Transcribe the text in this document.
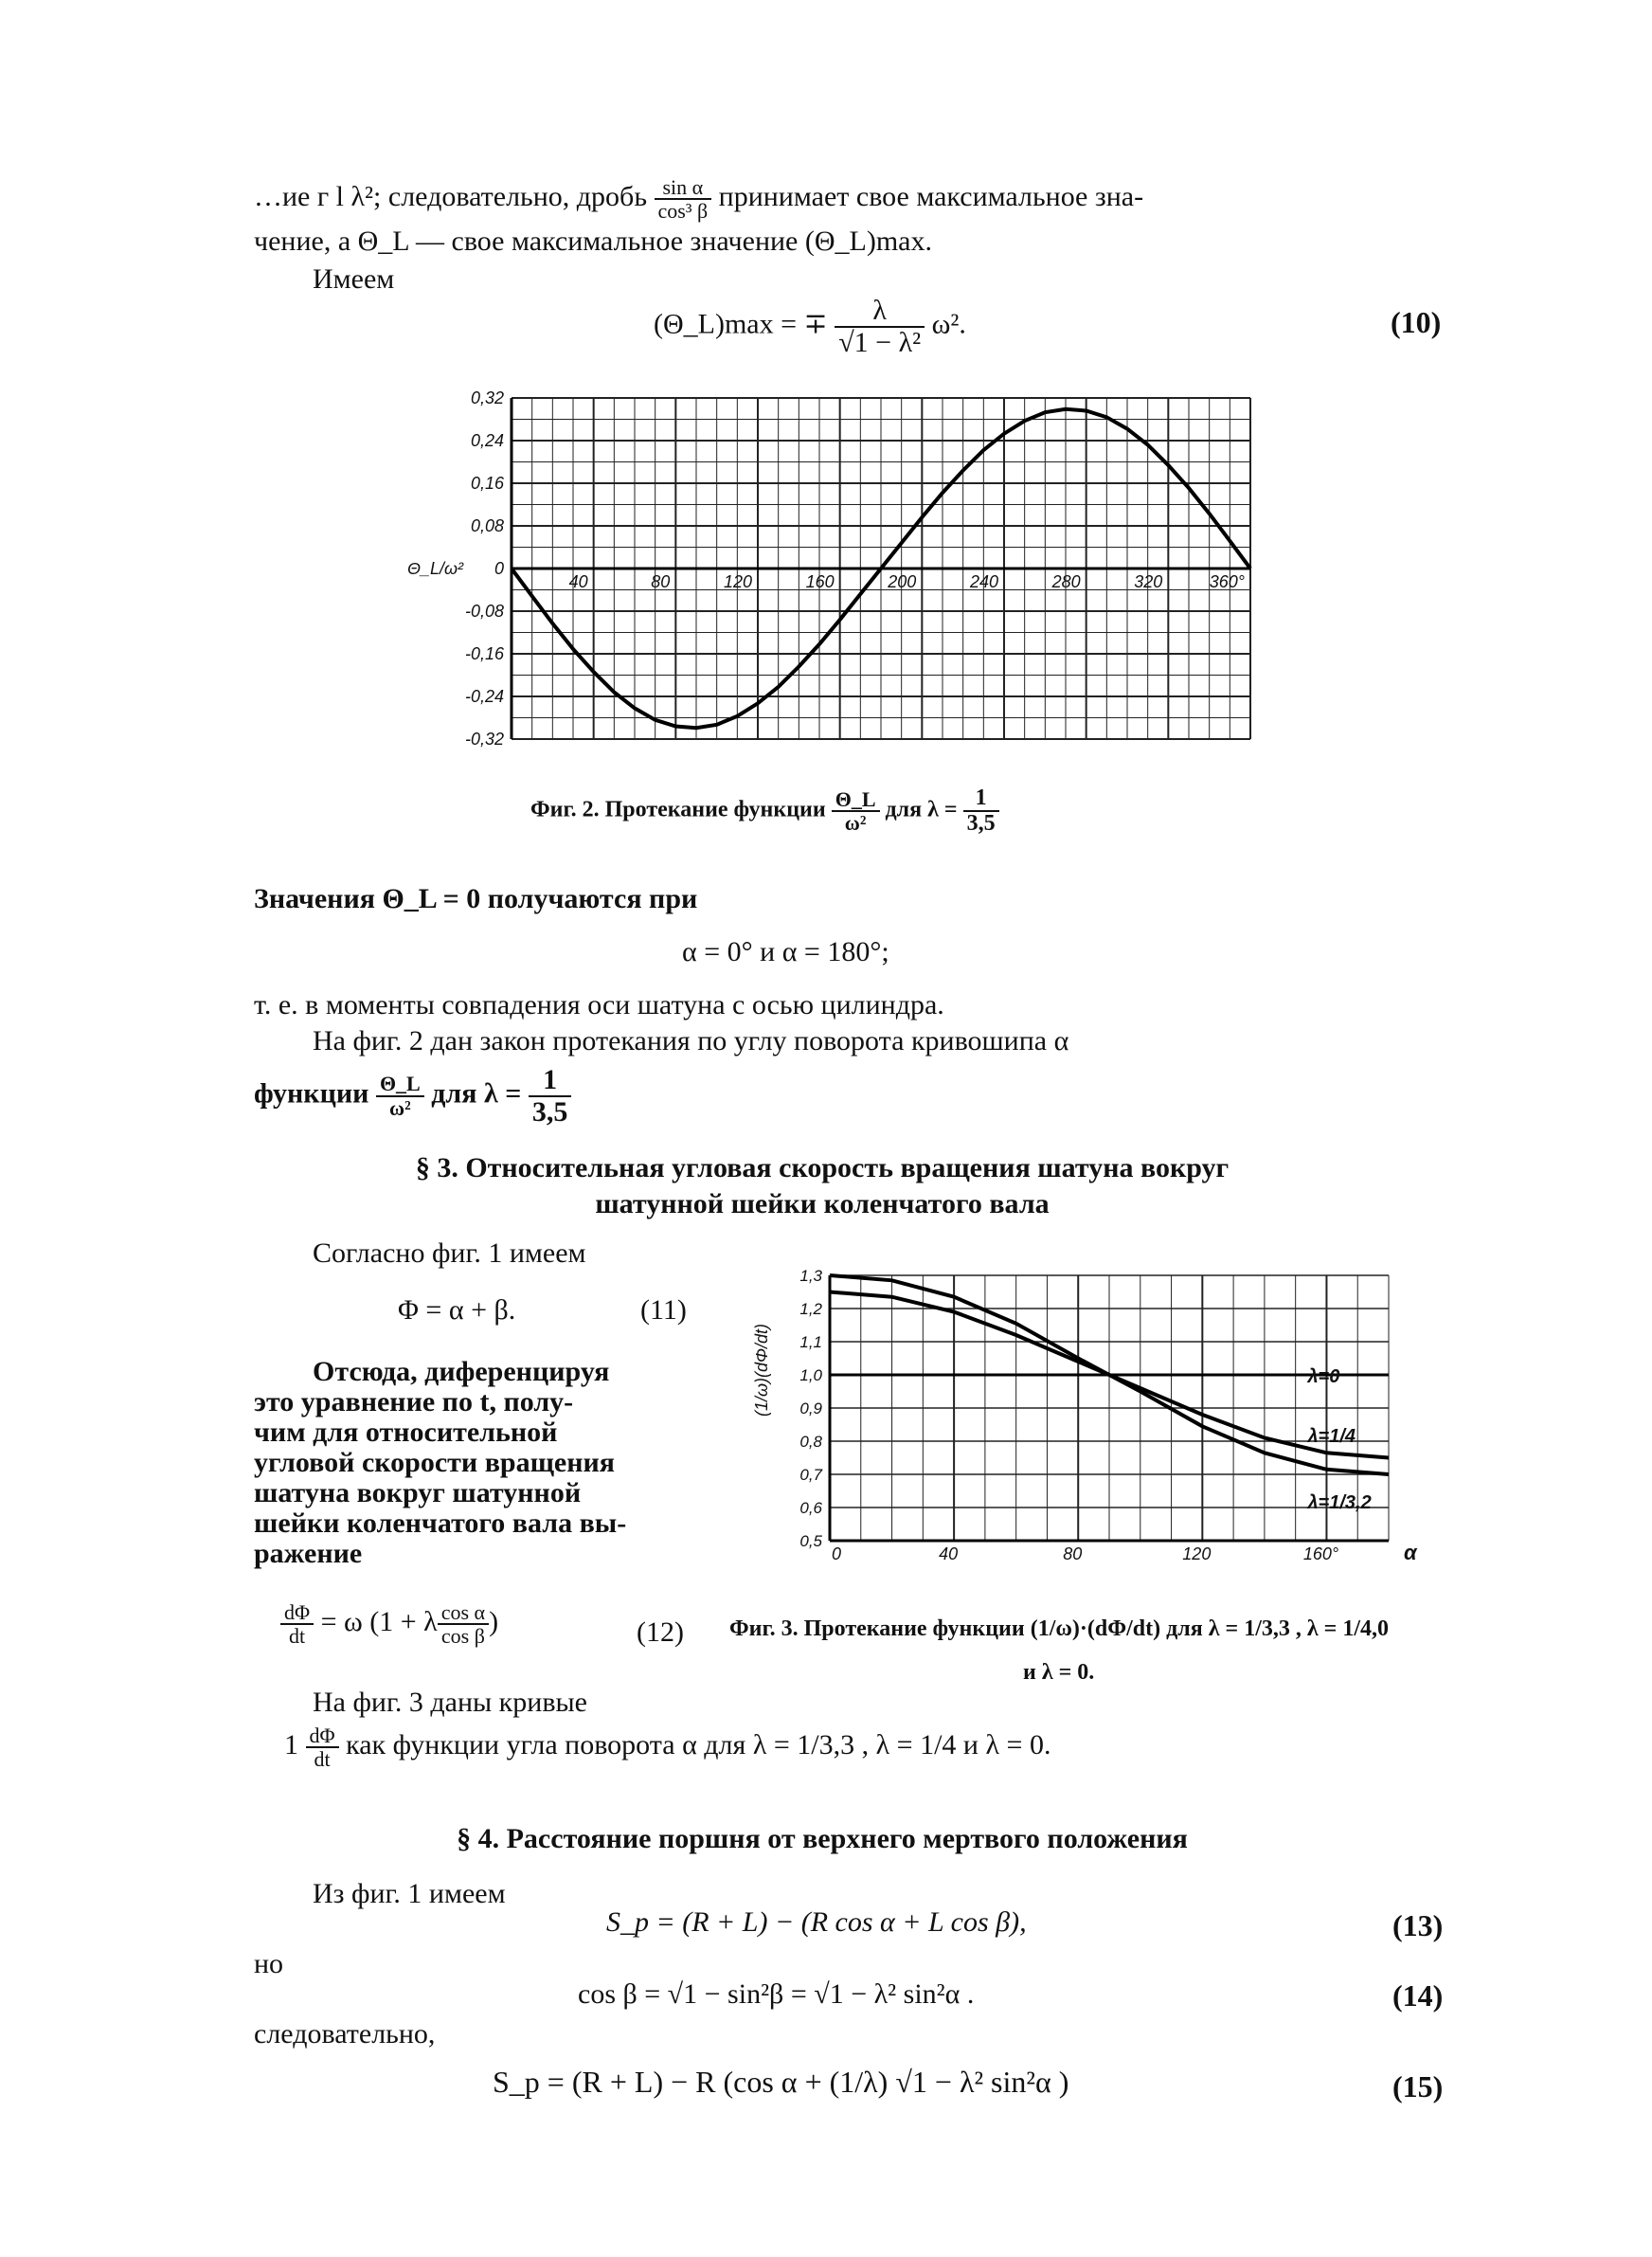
…ие г l λ²; следовательно, дробь $\frac{\text{sin α}}{\text{cos³ β}}$ принимает свое максимальное зна-
чение, а Θ_L — свое максимальное значение (Θ_L)max.
Имеем
(Θ_L)max = ∓ $\frac{\lambda}{\text{√1 − λ²}} \omega^2$.	(10)
0,32
0,24
0,16
0,08
0
-0,08
-0,16
-0,24
-0,32
40	80	120	160	200	240	280	320	360°
Θ_L/ω²
Фиг. 2. Протекание функции $\frac{\Theta\_L}{\text{ω²}}$ для $\lambda = \frac{1}{3,5}$
Значения Θ_L = 0 получаются при
α = 0° и α = 180°;
т. е. в моменты совпадения оси шатуна с осью цилиндра.
На фиг. 2 дан закон протекания по углу поворота кривошипа α
функции $\frac{\Theta\_L}{\text{ω²}}$ для $\lambda = \frac{1}{3,5}$
§ 3. Относительная угловая скорость вращения шатуна вокруг
шатунной шейки коленчатого вала
Согласно фиг. 1 имеем
Φ = α + β.	(11)
Отсюда, диференцируя
это уравнение по t, полу-
чим для относительной
угловой скорости вращения
шатуна вокруг шатунной
шейки коленчатого вала вы-
ражение
1,3
1,2
1,1
1,0
0,9
0,8
0,7
0,6
0,5
0	40	80	120	160°	α
(1/ω)(dΦ/dt)	λ=0
λ=1/4
λ=1/3,2
$\frac{d\Phi}{dt} = \omega$ (1 + λ $\frac{\text{cos α}}{\text{cos β}}$ )	(12) Фиг. 3. Протекание функции (1/ω)·(dΦ/dt) для λ = 1/3,3 , λ = 1/4,0
и λ = 0.
На фиг. 3 даны кривые
$1 \frac{d\Phi}{dt}$ как функции угла поворота α для λ = 1/3,3 , λ = 1/4 и λ = 0.
§ 4. Расстояние поршня от верхнего мертвого положения
Из фиг. 1 имеем
S_p = (R + L) − (R cos α + L cos β),	(13)
но
cos β = √1 − sin²β = √1 − λ² sin²α .	(14)
следовательно,
S_p = (R + L) − R (cos α + (1/λ) √1 − λ² sin²α )	(15)
